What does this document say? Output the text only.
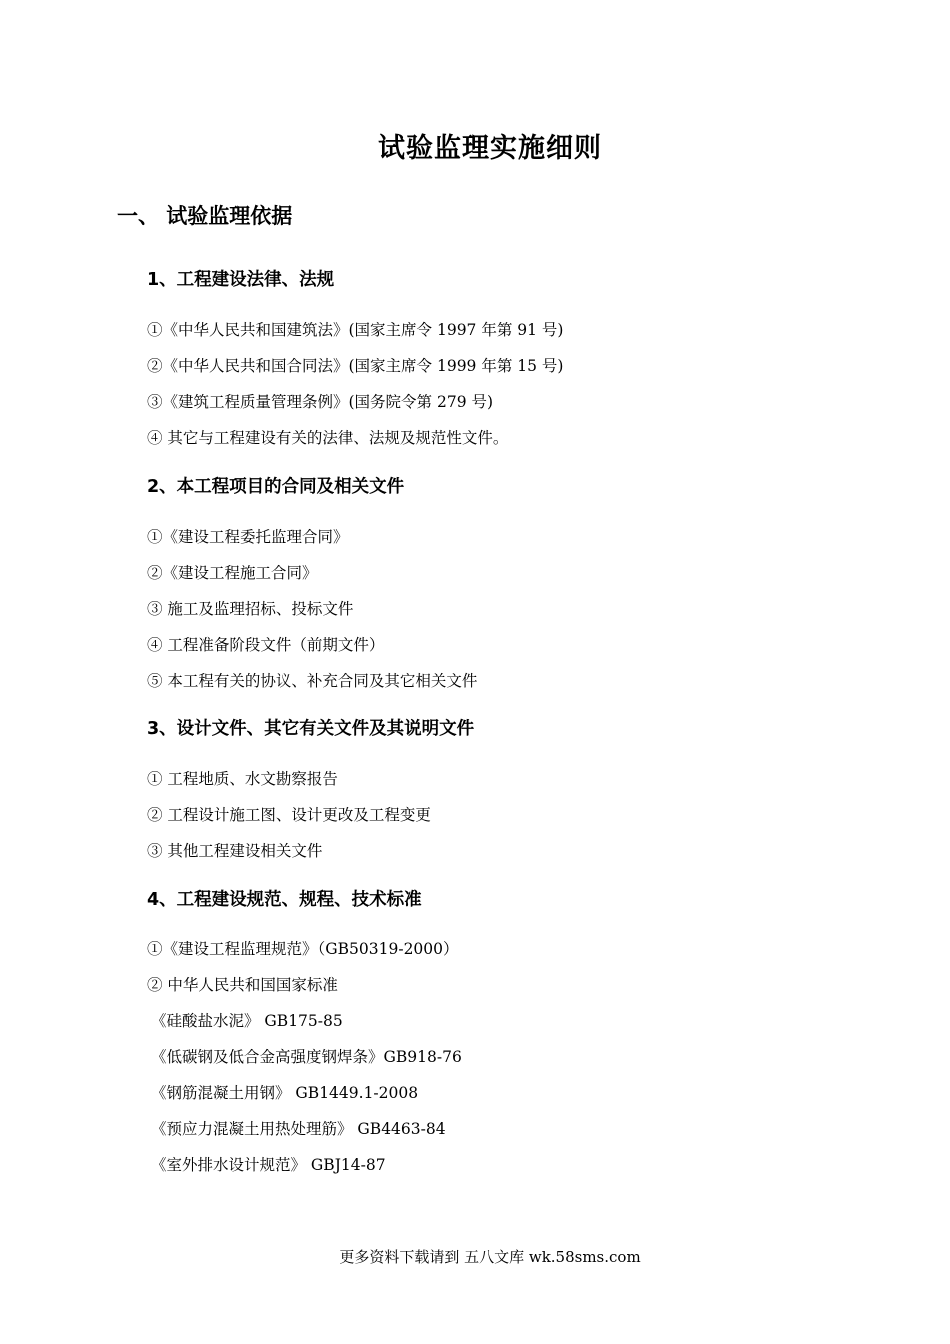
试验监理实施细则
一、 试验监理依据
1、工程建设法律、法规
①《中华人民共和国建筑法》(国家主席令 1997 年第 91 号)
②《中华人民共和国合同法》(国家主席令 1999 年第 15 号)
③《建筑工程质量管理条例》(国务院令第 279 号)
④ 其它与工程建设有关的法律、法规及规范性文件。
2、本工程项目的合同及相关文件
①《建设工程委托监理合同》
②《建设工程施工合同》
③ 施工及监理招标、投标文件
④ 工程准备阶段文件（前期文件）
⑤ 本工程有关的协议、补充合同及其它相关文件
3、设计文件、其它有关文件及其说明文件
① 工程地质、水文勘察报告
② 工程设计施工图、设计更改及工程变更
③ 其他工程建设相关文件
4、工程建设规范、规程、技术标准
①《建设工程监理规范》（GB50319-2000）
② 中华人民共和国国家标准
《硅酸盐水泥》 GB175-85
《低碳钢及低合金高强度钢焊条》GB918-76
《钢筋混凝土用钢》 GB1449.1-2008
《预应力混凝土用热处理筋》 GB4463-84
《室外排水设计规范》 GBJ14-87
更多资料下载请到 五八文库 wk.58sms.com
